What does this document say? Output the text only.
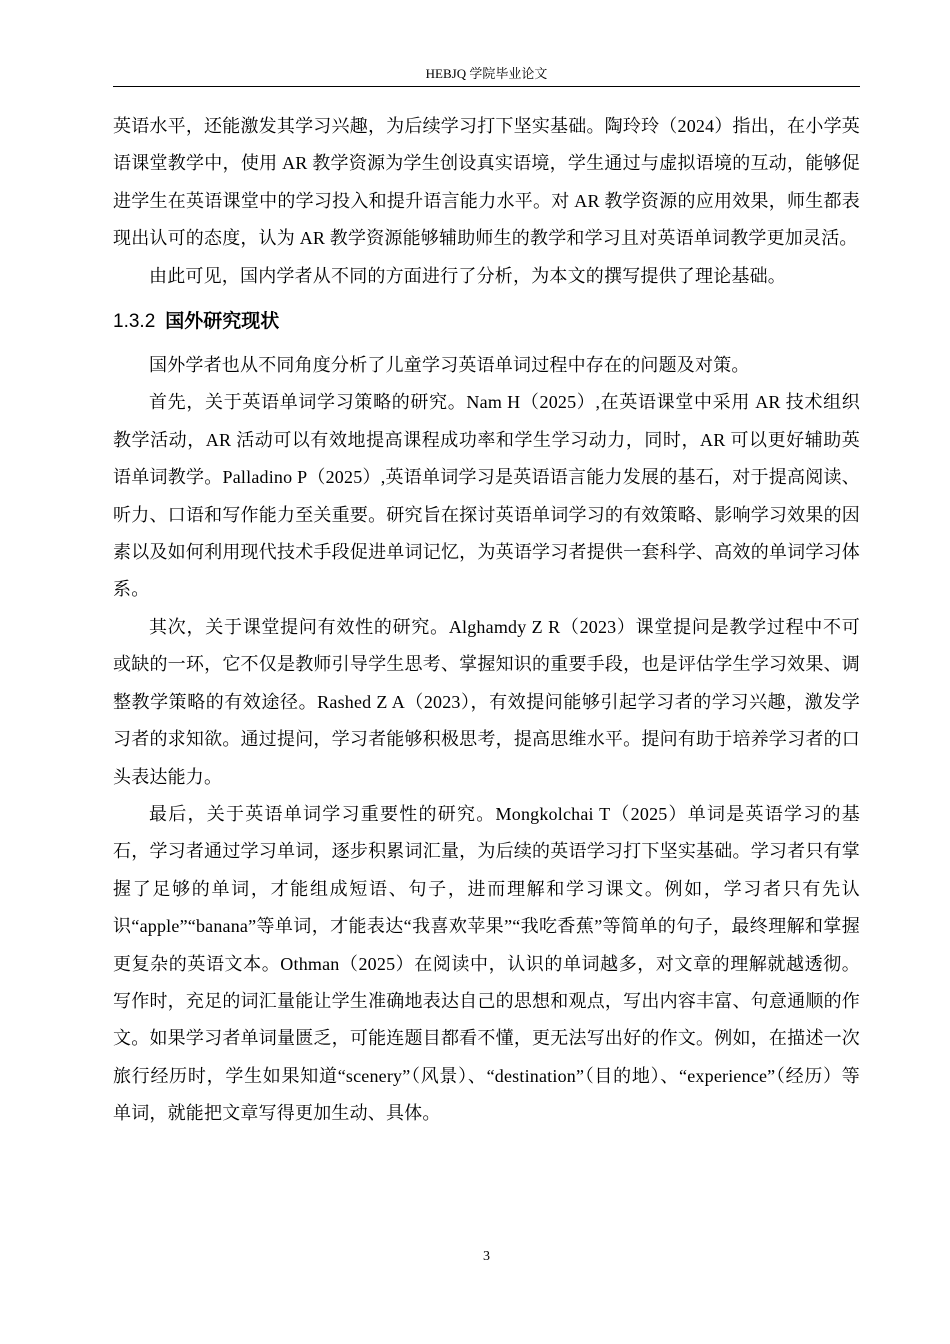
HEBJQ 学院毕业论文

英语水平，还能激发其学习兴趣，为后续学习打下坚实基础。陶玲玲（2024）指出，在小学英语课堂教学中，使用 AR 教学资源为学生创设真实语境，学生通过与虚拟语境的互动，能够促进学生在英语课堂中的学习投入和提升语言能力水平。对 AR 教学资源的应用效果，师生都表现出认可的态度，认为 AR 教学资源能够辅助师生的教学和学习且对英语单词教学更加灵活。

由此可见，国内学者从不同的方面进行了分析，为本文的撰写提供了理论基础。

1.3.2 国外研究现状

国外学者也从不同角度分析了儿童学习英语单词过程中存在的问题及对策。

首先，关于英语单词学习策略的研究。Nam H（2025）,在英语课堂中采用 AR 技术组织教学活动，AR 活动可以有效地提高课程成功率和学生学习动力，同时，AR 可以更好辅助英语单词教学。Palladino P（2025）,英语单词学习是英语语言能力发展的基石，对于提高阅读、听力、口语和写作能力至关重要。研究旨在探讨英语单词学习的有效策略、影响学习效果的因素以及如何利用现代技术手段促进单词记忆，为英语学习者提供一套科学、高效的单词学习体系。

其次，关于课堂提问有效性的研究。Alghamdy Z R（2023）课堂提问是教学过程中不可或缺的一环，它不仅是教师引导学生思考、掌握知识的重要手段，也是评估学生学习效果、调整教学策略的有效途径。Rashed Z A（2023），有效提问能够引起学习者的学习兴趣，激发学习者的求知欲。通过提问，学习者能够积极思考，提高思维水平。提问有助于培养学习者的口头表达能力。

最后，关于英语单词学习重要性的研究。Mongkolchai T（2025）单词是英语学习的基石，学习者通过学习单词，逐步积累词汇量，为后续的英语学习打下坚实基础。学习者只有掌握了足够的单词，才能组成短语、句子，进而理解和学习课文。例如，学习者只有先认识“apple”“banana”等单词，才能表达“我喜欢苹果”“我吃香蕉”等简单的句子，最终理解和掌握更复杂的英语文本。Othman（2025）在阅读中，认识的单词越多，对文章的理解就越透彻。写作时，充足的词汇量能让学生准确地表达自己的思想和观点，写出内容丰富、句意通顺的作文。如果学习者单词量匮乏，可能连题目都看不懂，更无法写出好的作文。例如，在描述一次旅行经历时，学生如果知道“scenery”（风景）、“destination”（目的地）、“experience”（经历）等单词，就能把文章写得更加生动、具体。

3
